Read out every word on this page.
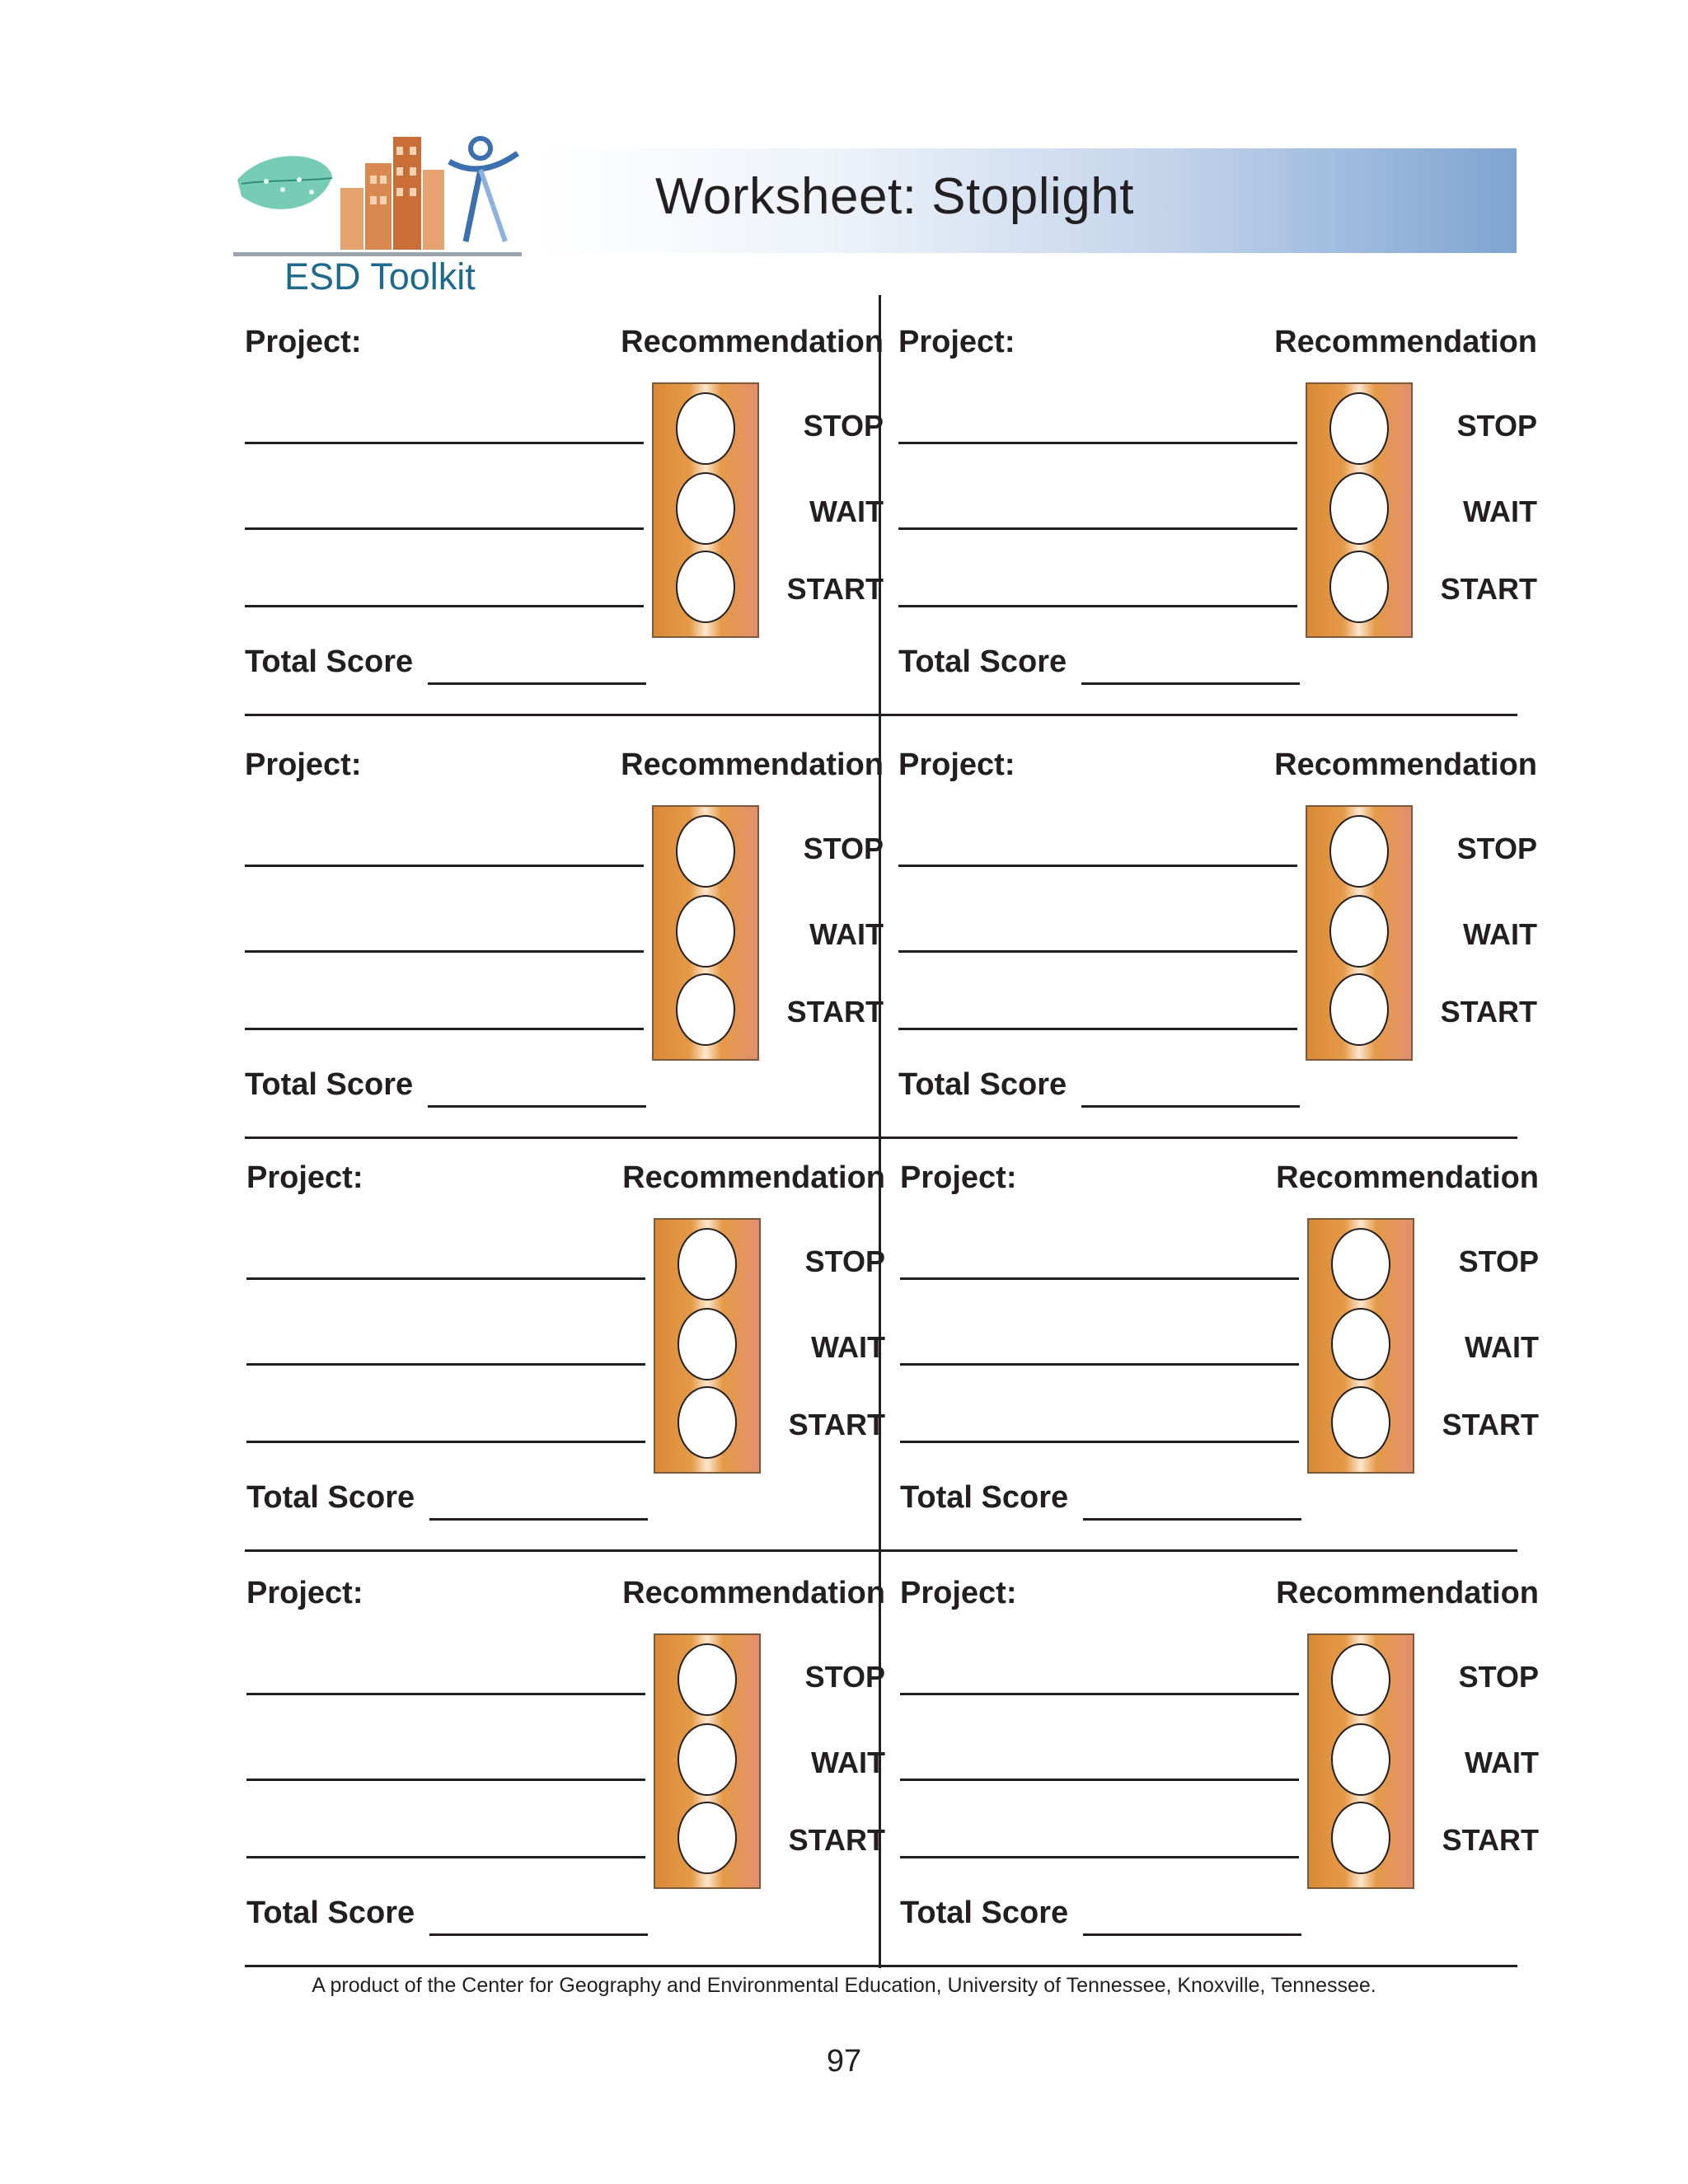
Worksheet: Stoplight
ESD Toolkit
Project:	Recommendation
STOP
WAIT
START
Total Score
Project:	Recommendation
STOP
WAIT
START
Total Score
Project:	Recommendation
STOP
WAIT
START
Total Score
Project:	Recommendation
STOP
WAIT
START
Total Score
Project:	Recommendation
STOP
WAIT
START
Total Score
Project:	Recommendation
STOP
WAIT
START
Total Score
Project:	Recommendation
STOP
WAIT
START
Total Score
Project:	Recommendation
STOP
WAIT
START
Total Score
A product of the Center for Geography and Environmental Education, University of Tennessee, Knoxville, Tennessee.
97
